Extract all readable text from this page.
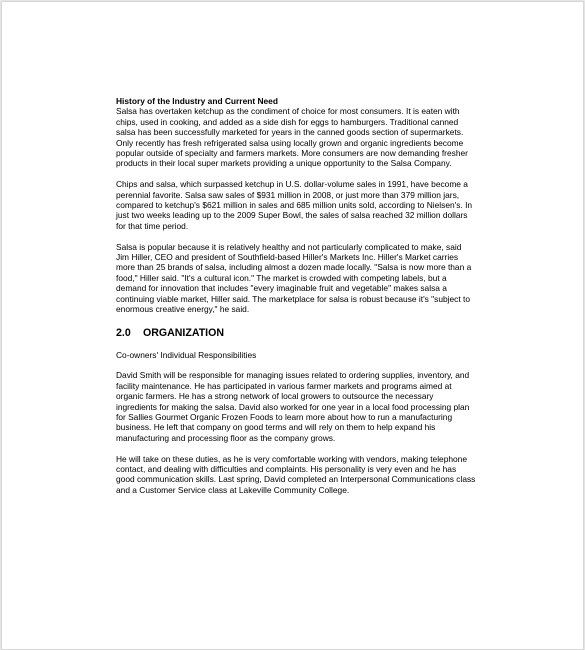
History of the Industry and Current Need

Salsa has overtaken ketchup as the condiment of choice for most consumers. It is eaten with chips, used in cooking, and added as a side dish for eggs to hamburgers. Traditional canned salsa has been successfully marketed for years in the canned goods section of supermarkets. Only recently has fresh refrigerated salsa using locally grown and organic ingredients become popular outside of specialty and farmers markets. More consumers are now demanding fresher products in their local super markets providing a unique opportunity to the Salsa Company.

Chips and salsa, which surpassed ketchup in U.S. dollar-volume sales in 1991, have become a perennial favorite. Salsa saw sales of $931 million in 2008, or just more than 379 million jars, compared to ketchup's $621 million in sales and 685 million units sold, according to Nielsen's. In just two weeks leading up to the 2009 Super Bowl, the sales of salsa reached 32 million dollars for that time period.

Salsa is popular because it is relatively healthy and not particularly complicated to make, said Jim Hiller, CEO and president of Southfield-based Hiller's Markets Inc. Hiller's Market carries more than 25 brands of salsa, including almost a dozen made locally. "Salsa is now more than a food," Hiller said. "It's a cultural icon." The market is crowded with competing labels, but a demand for innovation that includes "every imaginable fruit and vegetable" makes salsa a continuing viable market, Hiller said. The marketplace for salsa is robust because it's "subject to enormous creative energy," he said.

2.0 ORGANIZATION
Co-owners' Individual Responsibilities

David Smith will be responsible for managing issues related to ordering supplies, inventory, and facility maintenance. He has participated in various farmer markets and programs aimed at organic farmers. He has a strong network of local growers to outsource the necessary ingredients for making the salsa. David also worked for one year in a local food processing plan for Sallies Gourmet Organic Frozen Foods to learn more about how to run a manufacturing business. He left that company on good terms and will rely on them to help expand his manufacturing and processing floor as the company grows.

He will take on these duties, as he is very comfortable working with vendors, making telephone contact, and dealing with difficulties and complaints. His personality is very even and he has good communication skills. Last spring, David completed an Interpersonal Communications class and a Customer Service class at Lakeville Community College.
